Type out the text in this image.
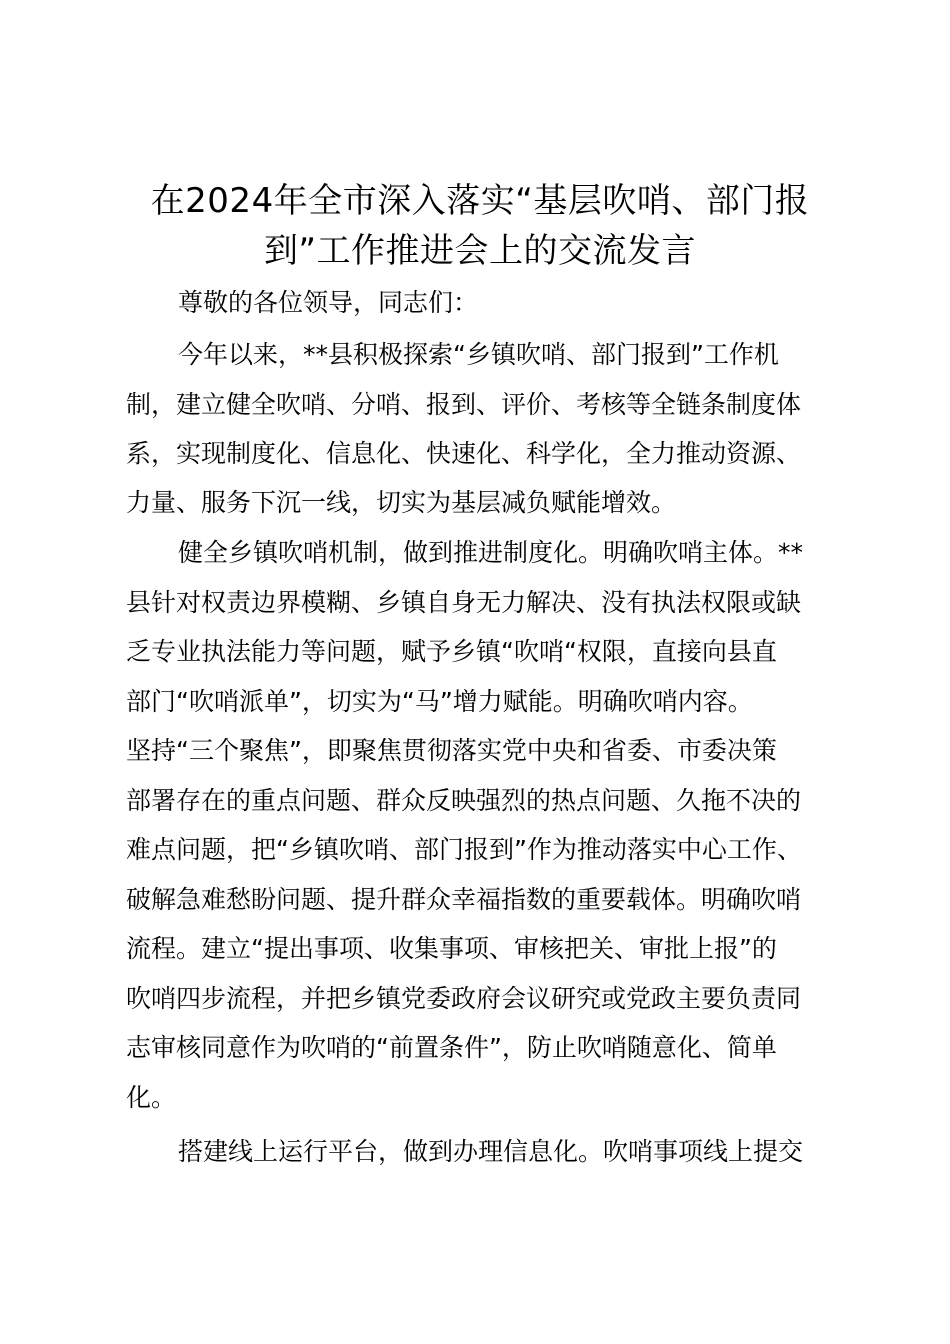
在2024年全市深入落实“基层吹哨、部门报
到”工作推进会上的交流发言

尊敬的各位领导，同志们：

今年以来，**县积极探索“乡镇吹哨、部门报到”工作机

制，建立健全吹哨、分哨、报到、评价、考核等全链条制度体

系，实现制度化、信息化、快速化、科学化，全力推动资源、

力量、服务下沉一线，切实为基层减负赋能增效。

健全乡镇吹哨机制，做到推进制度化。明确吹哨主体。**

县针对权责边界模糊、乡镇自身无力解决、没有执法权限或缺

乏专业执法能力等问题，赋予乡镇“吹哨“权限，直接向县直

部门“吹哨派单”，切实为“马”增力赋能。明确吹哨内容。

坚持“三个聚焦”，即聚焦贯彻落实党中央和省委、市委决策

部署存在的重点问题、群众反映强烈的热点问题、久拖不决的

难点问题，把“乡镇吹哨、部门报到”作为推动落实中心工作、

破解急难愁盼问题、提升群众幸福指数的重要载体。明确吹哨

流程。建立“提出事项、收集事项、审核把关、审批上报”的

吹哨四步流程，并把乡镇党委政府会议研究或党政主要负责同

志审核同意作为吹哨的“前置条件”，防止吹哨随意化、简单

化。

搭建线上运行平台，做到办理信息化。吹哨事项线上提交
